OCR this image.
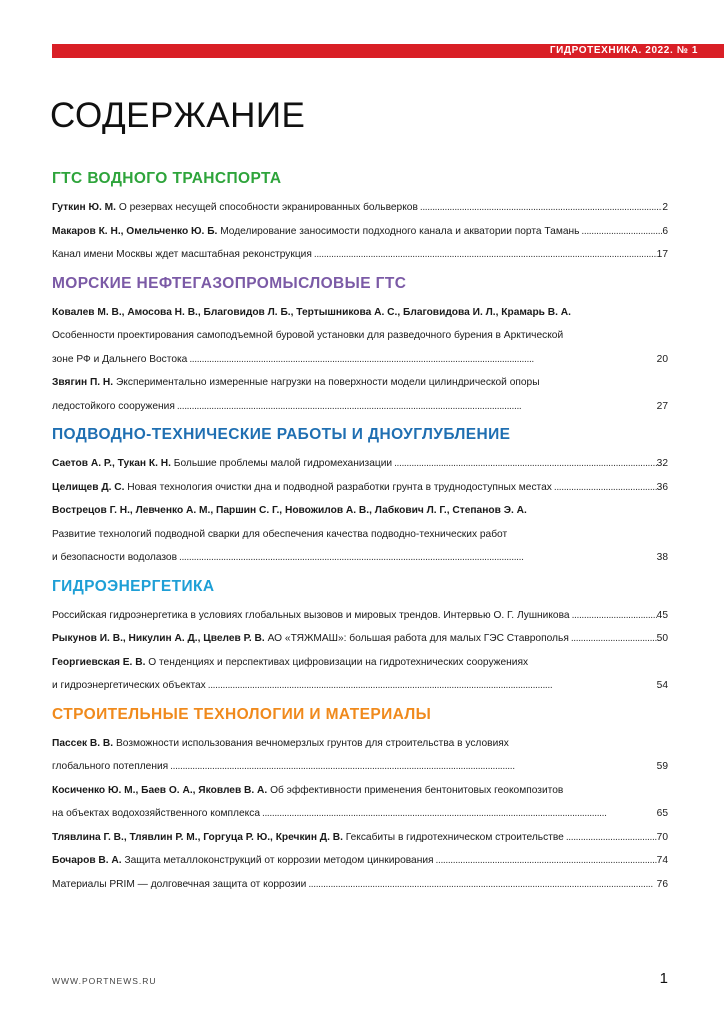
ГИДРОТЕХНИКА. 2022. № 1
СОДЕРЖАНИЕ
ГТС ВОДНОГО ТРАНСПОРТА
Гуткин Ю. М.
О резервах несущей способности экранированных больверков . . .	2
Макаров К. Н., Омельченко Ю. Б.
Моделирование заносимости подходного канала и акватории порта Тамань . . .	6
Канал имени Москвы ждет масштабная реконструкция . . .	17
МОРСКИЕ НЕФТЕГАЗОПРОМЫСЛОВЫЕ ГТС
Ковалев М. В., Амосова Н. В., Благовидов Л. Б., Тертышникова А. С., Благовидова И. Л., Крамарь В. А.
Особенности проектирования самоподъемной буровой установки для разведочного бурения в Арктической
зоне РФ и Дальнего Востока . . .	20
Звягин П. Н. Экспериментально измеренные нагрузки на поверхности модели цилиндрической опоры
ледостойкого сооружения . . .	27
ПОДВОДНО-ТЕХНИЧЕСКИЕ РАБОТЫ И ДНОУГЛУБЛЕНИЕ
Саетов А. Р., Тукан К. Н.
Большие проблемы малой гидромеханизации . . .	32
Целищев Д. С.
Новая технология очистки дна и подводной разработки грунта в труднодоступных местах . . .	36
Вострецов Г. Н., Левченко А. М., Паршин С. Г., Новожилов А. В., Лабкович Л. Г., Степанов Э. А.
Развитие технологий подводной сварки для обеспечения качества подводно-технических работ
и безопасности водолазов . . .	38
ГИДРОЭНЕРГЕТИКА
Российская гидроэнергетика в условиях глобальных вызовов и мировых трендов. Интервью О. Г. Лушникова . . .	45
Рыкунов И. В., Никулин А. Д., Цвелев Р. В.
АО «ТЯЖМАШ»: большая работа для малых ГЭС Ставрополья . . .	50
Георгиевская Е. В. О тенденциях и перспективах цифровизации на гидротехнических сооружениях
и гидроэнергетических объектах . . .	54
СТРОИТЕЛЬНЫЕ ТЕХНОЛОГИИ И МАТЕРИАЛЫ
Пассек В. В. Возможности использования вечномерзлых грунтов для строительства в условиях
глобального потепления . . .	59
Косиченко Ю. М., Баев О. А., Яковлев В. А. Об эффективности применения бентонитовых геокомпозитов
на объектах водохозяйственного комплекса . . .	65
Тлявлина Г. В., Тлявлин Р. М., Горгуца Р. Ю., Кречкин Д. В.
Гексабиты в гидротехническом строительстве . . .	70
Бочаров В. А.
Защита металлоконструкций от коррозии методом цинкирования . . .	74
Материалы PRIM — долговечная защита от коррозии . . .	76
WWW.PORTNEWS.RU	1
